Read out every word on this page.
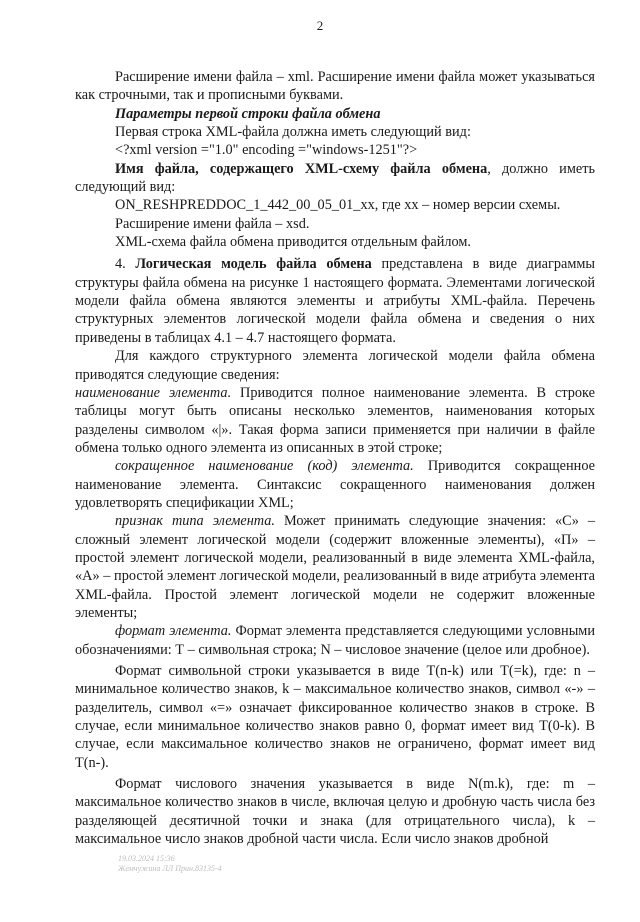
2

Расширение имени файла – xml. Расширение имени файла может указываться как строчными, так и прописными буквами.

Параметры первой строки файла обмена

Первая строка XML-файла должна иметь следующий вид:

<?xml version ="1.0" encoding ="windows-1251"?>

Имя файла, содержащего XML-схему файла обмена, должно иметь следующий вид:

ON_RESHPREDDOC_1_442_00_05_01_xx, где xx – номер версии схемы.

Расширение имени файла – xsd.

XML-схема файла обмена приводится отдельным файлом.

4. Логическая модель файла обмена представлена в виде диаграммы структуры файла обмена на рисунке 1 настоящего формата. Элементами логической модели файла обмена являются элементы и атрибуты XML-файла. Перечень структурных элементов логической модели файла обмена и сведения о них приведены в таблицах 4.1 – 4.7 настоящего формата.

Для каждого структурного элемента логической модели файла обмена приводятся следующие сведения:

наименование элемента. Приводится полное наименование элемента. В строке таблицы могут быть описаны несколько элементов, наименования которых разделены символом «|». Такая форма записи применяется при наличии в файле обмена только одного элемента из описанных в этой строке;

сокращенное наименование (код) элемента. Приводится сокращенное наименование элемента. Синтаксис сокращенного наименования должен удовлетворять спецификации XML;

признак типа элемента. Может принимать следующие значения: «С» – сложный элемент логической модели (содержит вложенные элементы), «П» – простой элемент логической модели, реализованный в виде элемента XML-файла, «А» – простой элемент логической модели, реализованный в виде атрибута элемента XML-файла. Простой элемент логической модели не содержит вложенные элементы;

формат элемента. Формат элемента представляется следующими условными обозначениями: Т – символьная строка; N – числовое значение (целое или дробное).

Формат символьной строки указывается в виде Т(n-k) или Т(=k), где: n – минимальное количество знаков, k – максимальное количество знаков, символ «-» – разделитель, символ «=» означает фиксированное количество знаков в строке. В случае, если минимальное количество знаков равно 0, формат имеет вид Т(0-k). В случае, если максимальное количество знаков не ограничено, формат имеет вид Т(n-).

Формат числового значения указывается в виде N(m.k), где: m – максимальное количество знаков в числе, включая целую и дробную часть числа без разделяющей десятичной точки и знака (для отрицательного числа), k – максимальное число знаков дробной части числа. Если число знаков дробной

19.03.2024 15:36
Жемчужина ЛЛ Прин.83135-4
